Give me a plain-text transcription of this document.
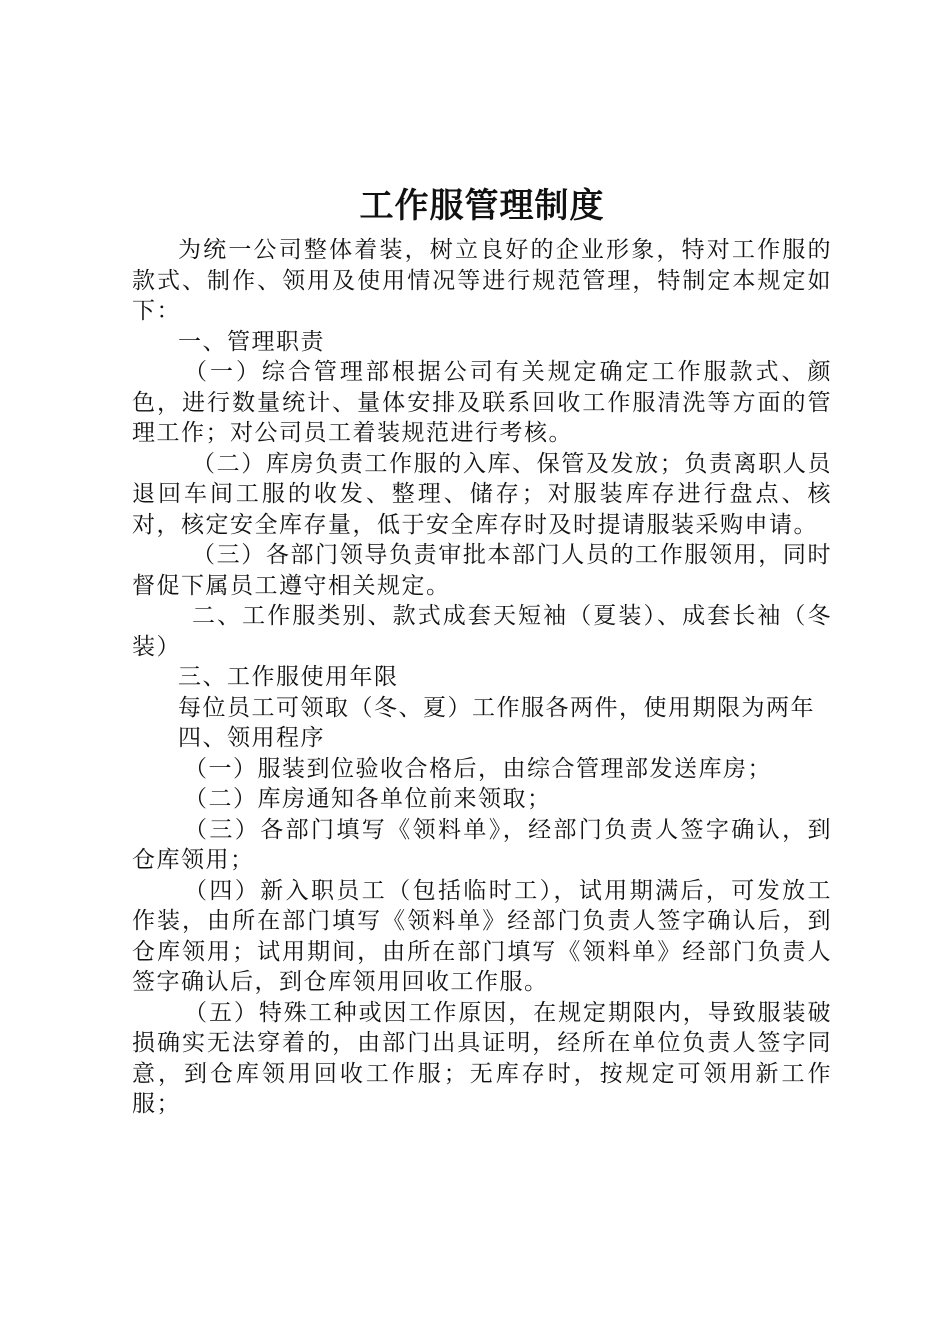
工作服管理制度

为统一公司整体着装，树立良好的企业形象，特对工作服的款式、制作、领用及使用情况等进行规范管理，特制定本规定如下：

一、管理职责

（一）综合管理部根据公司有关规定确定工作服款式、颜色，进行数量统计、量体安排及联系回收工作服清洗等方面的管理工作；对公司员工着装规范进行考核。

（二）库房负责工作服的入库、保管及发放；负责离职人员退回车间工服的收发、整理、储存；对服装库存进行盘点、核对，核定安全库存量，低于安全库存时及时提请服装采购申请。

（三）各部门领导负责审批本部门人员的工作服领用，同时督促下属员工遵守相关规定。

二、工作服类别、款式成套天短袖（夏装）、成套长袖（冬装）

三、工作服使用年限

每位员工可领取（冬、夏）工作服各两件，使用期限为两年

四、领用程序

（一）服装到位验收合格后，由综合管理部发送库房；

（二）库房通知各单位前来领取；

（三）各部门填写《领料单》，经部门负责人签字确认，到仓库领用；

（四）新入职员工（包括临时工），试用期满后，可发放工作装，由所在部门填写《领料单》经部门负责人签字确认后，到仓库领用；试用期间，由所在部门填写《领料单》经部门负责人签字确认后，到仓库领用回收工作服。

（五）特殊工种或因工作原因，在规定期限内，导致服装破损确实无法穿着的，由部门出具证明，经所在单位负责人签字同意，到仓库领用回收工作服；无库存时，按规定可领用新工作服；
